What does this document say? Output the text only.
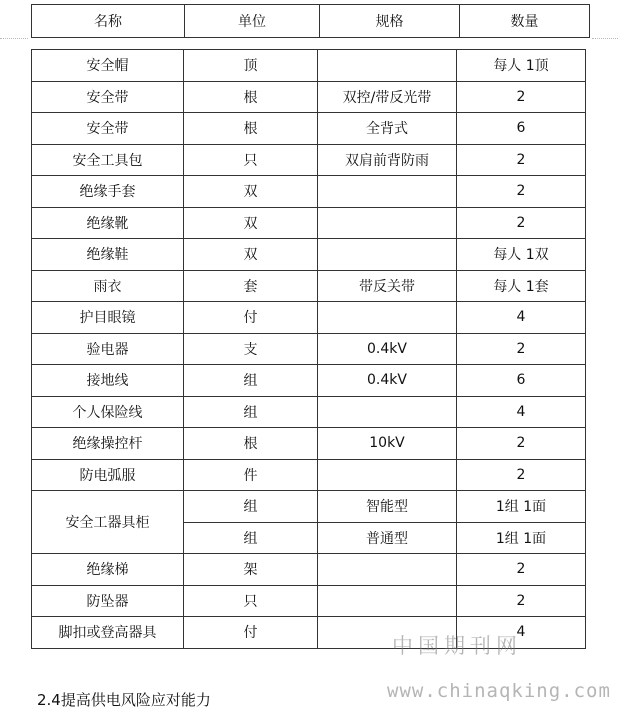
名称	单位	规格	数量
安全帽	顶		每人 1顶
安全带	根	双控/带反光带	2
安全带	根	全背式	6
安全工具包	只	双肩前背防雨	2
绝缘手套	双		2
绝缘靴	双		2
绝缘鞋	双		每人 1双
雨衣	套	带反关带	每人 1套
护目眼镜	付		4
验电器	支	0.4kV	2
接地线	组	0.4kV	6
个人保险线	组		4
绝缘操控杆	根	10kV	2
防电弧服	件		2
安全工器具柜	组	智能型	1组 1面
	组	普通型	1组 1面
绝缘梯	架		2
防坠器	只		2
脚扣或登高器具	付		4
中国期刊网
2.4提高供电风险应对能力	www.chinaqking.com
